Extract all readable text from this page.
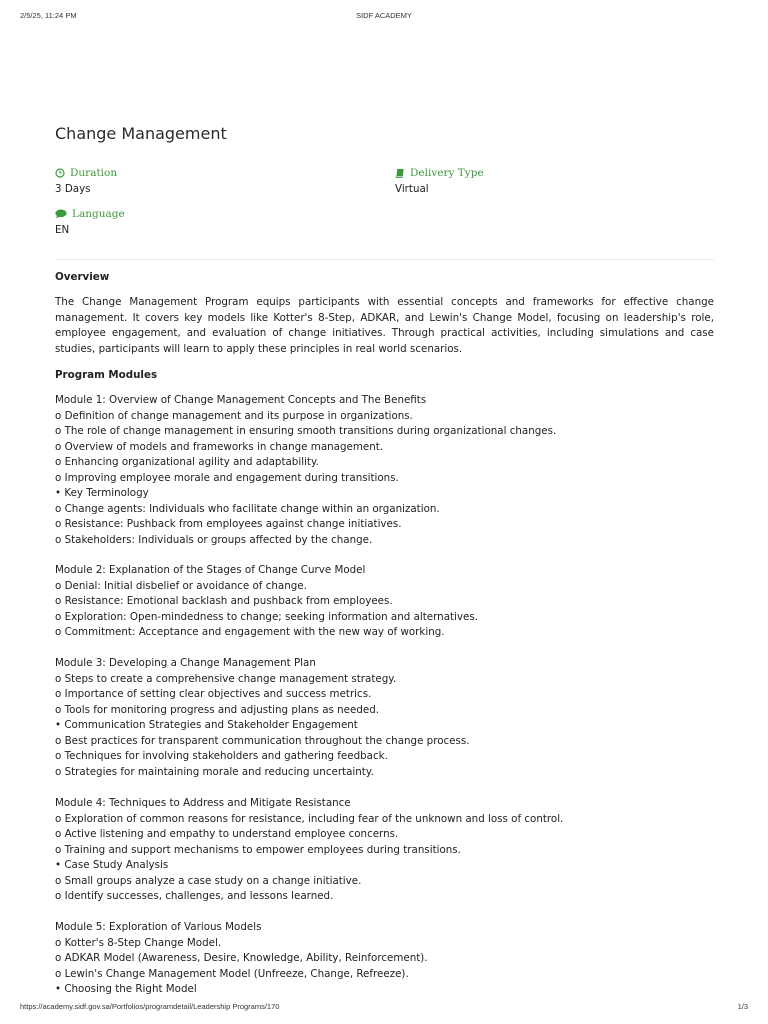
2/5/25, 11:24 PM	SIDF ACADEMY
Change Management
Duration
3 Days
Delivery Type
Virtual
Language
EN
Overview

The Change Management Program equips participants with essential concepts and frameworks for effective change management. It covers key models like Kotter's 8-Step, ADKAR, and Lewin's Change Model, focusing on leadership's role, employee engagement, and evaluation of change initiatives. Through practical activities, including simulations and case studies, participants will learn to apply these principles in real world scenarios.

Program Modules
Module 1: Overview of Change Management Concepts and The Benefits
o Definition of change management and its purpose in organizations.
o The role of change management in ensuring smooth transitions during organizational changes.
o Overview of models and frameworks in change management.
o Enhancing organizational agility and adaptability.
o Improving employee morale and engagement during transitions.
• Key Terminology
o Change agents: Individuals who facilitate change within an organization.
o Resistance: Pushback from employees against change initiatives.
o Stakeholders: Individuals or groups affected by the change.
Module 2: Explanation of the Stages of Change Curve Model
o Denial: Initial disbelief or avoidance of change.
o Resistance: Emotional backlash and pushback from employees.
o Exploration: Open-mindedness to change; seeking information and alternatives.
o Commitment: Acceptance and engagement with the new way of working.
Module 3: Developing a Change Management Plan
o Steps to create a comprehensive change management strategy.
o Importance of setting clear objectives and success metrics.
o Tools for monitoring progress and adjusting plans as needed.
• Communication Strategies and Stakeholder Engagement
o Best practices for transparent communication throughout the change process.
o Techniques for involving stakeholders and gathering feedback.
o Strategies for maintaining morale and reducing uncertainty.
Module 4: Techniques to Address and Mitigate Resistance
o Exploration of common reasons for resistance, including fear of the unknown and loss of control.
o Active listening and empathy to understand employee concerns.
o Training and support mechanisms to empower employees during transitions.
• Case Study Analysis
o Small groups analyze a case study on a change initiative.
o Identify successes, challenges, and lessons learned.
Module 5: Exploration of Various Models
o Kotter's 8-Step Change Model.
o ADKAR Model (Awareness, Desire, Knowledge, Ability, Reinforcement).
o Lewin's Change Management Model (Unfreeze, Change, Refreeze).
• Choosing the Right Model
https://academy.sidf.gov.sa/Portfolios/programdetail/Leadership Programs/170	1/3
